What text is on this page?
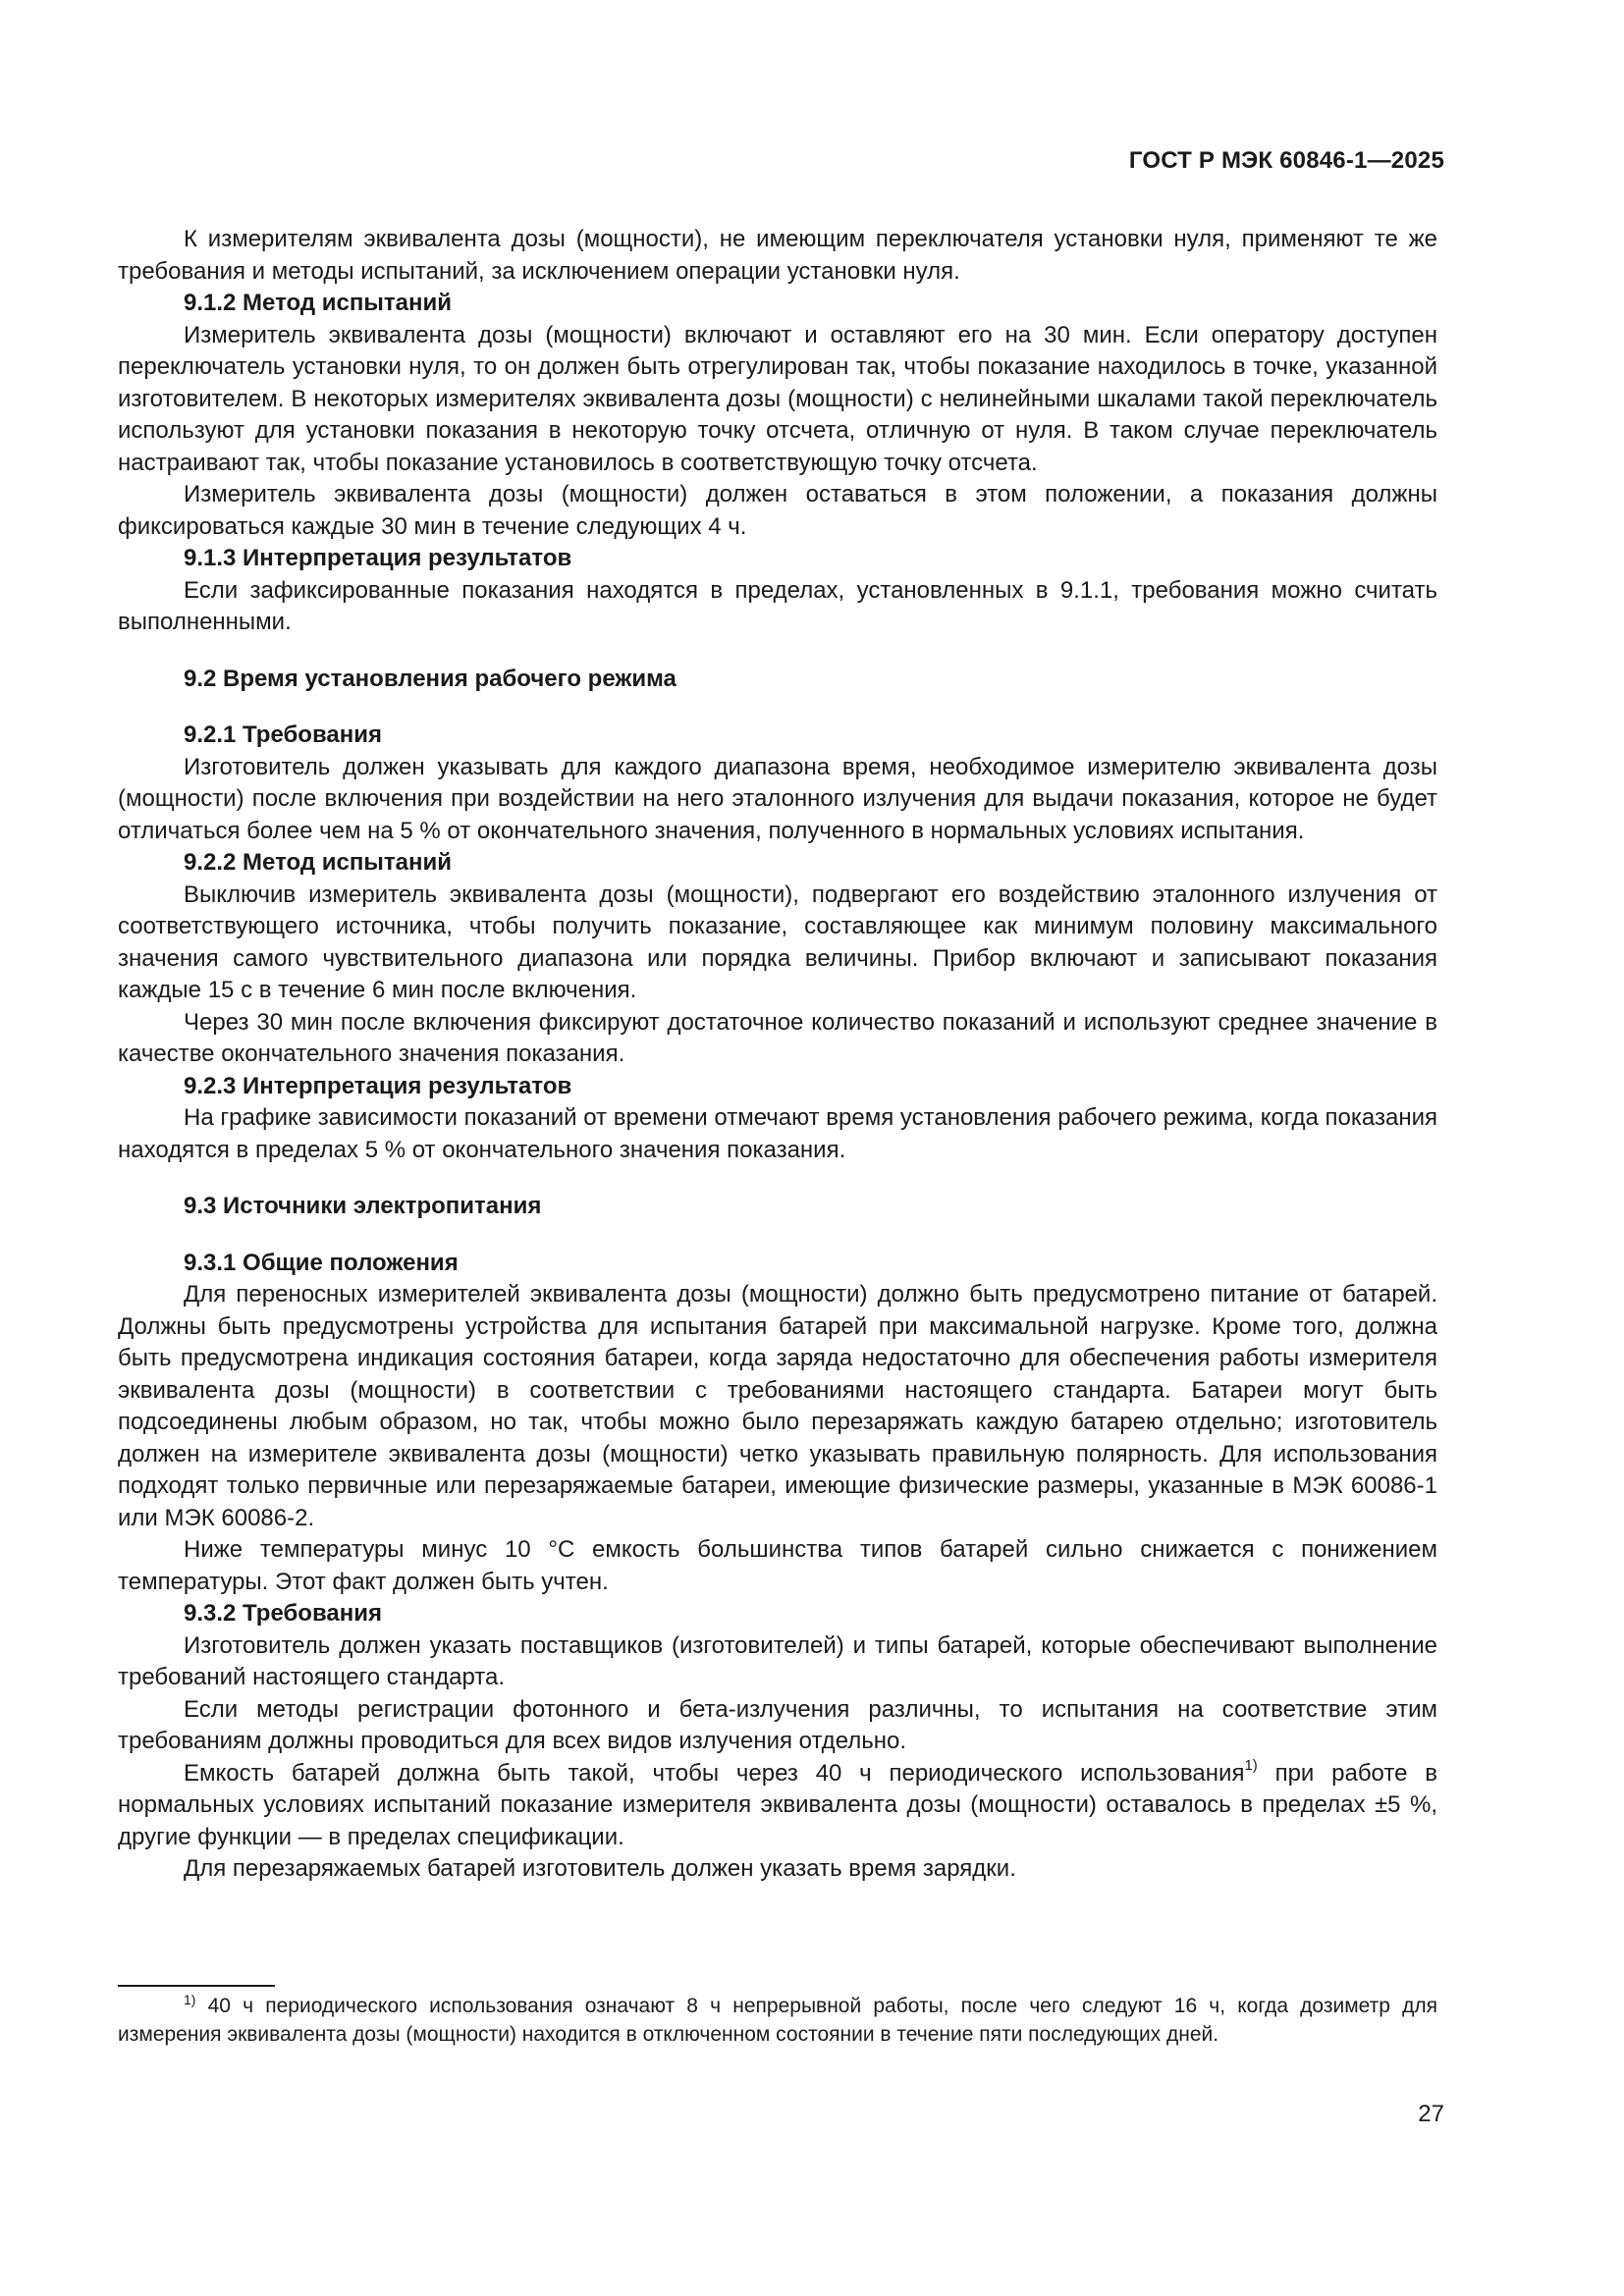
ГОСТ Р МЭК 60846-1—2025

К измерителям эквивалента дозы (мощности), не имеющим переключателя установки нуля, применяют те же требования и методы испытаний, за исключением операции установки нуля.

9.1.2 Метод испытаний

Измеритель эквивалента дозы (мощности) включают и оставляют его на 30 мин. Если оператору доступен переключатель установки нуля, то он должен быть отрегулирован так, чтобы показание находилось в точке, указанной изготовителем. В некоторых измерителях эквивалента дозы (мощности) с нелинейными шкалами такой переключатель используют для установки показания в некоторую точку отсчета, отличную от нуля. В таком случае переключатель настраивают так, чтобы показание установилось в соответствующую точку отсчета.

Измеритель эквивалента дозы (мощности) должен оставаться в этом положении, а показания должны фиксироваться каждые 30 мин в течение следующих 4 ч.

9.1.3 Интерпретация результатов

Если зафиксированные показания находятся в пределах, установленных в 9.1.1, требования можно считать выполненными.

9.2 Время установления рабочего режима
9.2.1 Требования

Изготовитель должен указывать для каждого диапазона время, необходимое измерителю эквивалента дозы (мощности) после включения при воздействии на него эталонного излучения для выдачи показания, которое не будет отличаться более чем на 5 % от окончательного значения, полученного в нормальных условиях испытания.

9.2.2 Метод испытаний

Выключив измеритель эквивалента дозы (мощности), подвергают его воздействию эталонного излучения от соответствующего источника, чтобы получить показание, составляющее как минимум половину максимального значения самого чувствительного диапазона или порядка величины. Прибор включают и записывают показания каждые 15 с в течение 6 мин после включения.

Через 30 мин после включения фиксируют достаточное количество показаний и используют среднее значение в качестве окончательного значения показания.

9.2.3 Интерпретация результатов

На графике зависимости показаний от времени отмечают время установления рабочего режима, когда показания находятся в пределах 5 % от окончательного значения показания.

9.3 Источники электропитания
9.3.1 Общие положения

Для переносных измерителей эквивалента дозы (мощности) должно быть предусмотрено питание от батарей. Должны быть предусмотрены устройства для испытания батарей при максимальной нагрузке. Кроме того, должна быть предусмотрена индикация состояния батареи, когда заряда недостаточно для обеспечения работы измерителя эквивалента дозы (мощности) в соответствии с требованиями настоящего стандарта. Батареи могут быть подсоединены любым образом, но так, чтобы можно было перезаряжать каждую батарею отдельно; изготовитель должен на измерителе эквивалента дозы (мощности) четко указывать правильную полярность. Для использования подходят только первичные или перезаряжаемые батареи, имеющие физические размеры, указанные в МЭК 60086-1 или МЭК 60086-2.

Ниже температуры минус 10 °С емкость большинства типов батарей сильно снижается с понижением температуры. Этот факт должен быть учтен.

9.3.2 Требования

Изготовитель должен указать поставщиков (изготовителей) и типы батарей, которые обеспечивают выполнение требований настоящего стандарта.

Если методы регистрации фотонного и бета-излучения различны, то испытания на соответствие этим требованиям должны проводиться для всех видов излучения отдельно.

Емкость батарей должна быть такой, чтобы через 40 ч периодического использования$^{1)}$ при работе в нормальных условиях испытаний показание измерителя эквивалента дозы (мощности) оставалось в пределах ±5 %, другие функции — в пределах спецификации.

Для перезаряжаемых батарей изготовитель должен указать время зарядки.

$^{1)}$ 40 ч периодического использования означают 8 ч непрерывной работы, после чего следуют 16 ч, когда дозиметр для измерения эквивалента дозы (мощности) находится в отключенном состоянии в течение пяти последующих дней.

27
